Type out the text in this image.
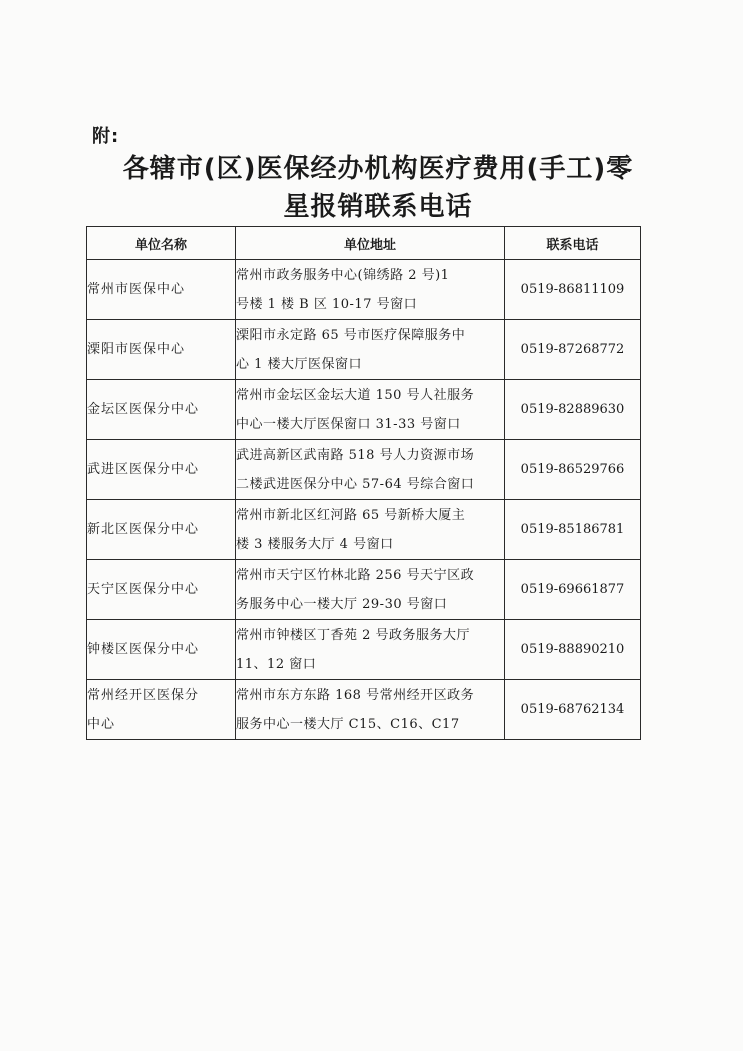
附:
各辖市(区)医保经办机构医疗费用(手工)零
星报销联系电话
单位名称	单位地址	联系电话
常州市医保中心	常州市政务服务中心(锦绣路 2 号)1
号楼 1 楼 B 区 10-17 号窗口	0519-86811109
溧阳市医保中心	溧阳市永定路 65 号市医疗保障服务中
心 1 楼大厅医保窗口	0519-87268772
金坛区医保分中心	常州市金坛区金坛大道 150 号人社服务
中心一楼大厅医保窗口 31-33 号窗口	0519-82889630
武进区医保分中心	武进高新区武南路 518 号人力资源市场
二楼武进医保分中心 57-64 号综合窗口	0519-86529766
新北区医保分中心	常州市新北区红河路 65 号新桥大厦主
楼 3 楼服务大厅 4 号窗口	0519-85186781
天宁区医保分中心	常州市天宁区竹林北路 256 号天宁区政
务服务中心一楼大厅 29-30 号窗口	0519-69661877
钟楼区医保分中心	常州市钟楼区丁香苑 2 号政务服务大厅
11、12 窗口	0519-88890210

常州经开区医保分
中心	常州市东方东路 168 号常州经开区政务
服务中心一楼大厅 C15、C16、C17	0519-68762134
